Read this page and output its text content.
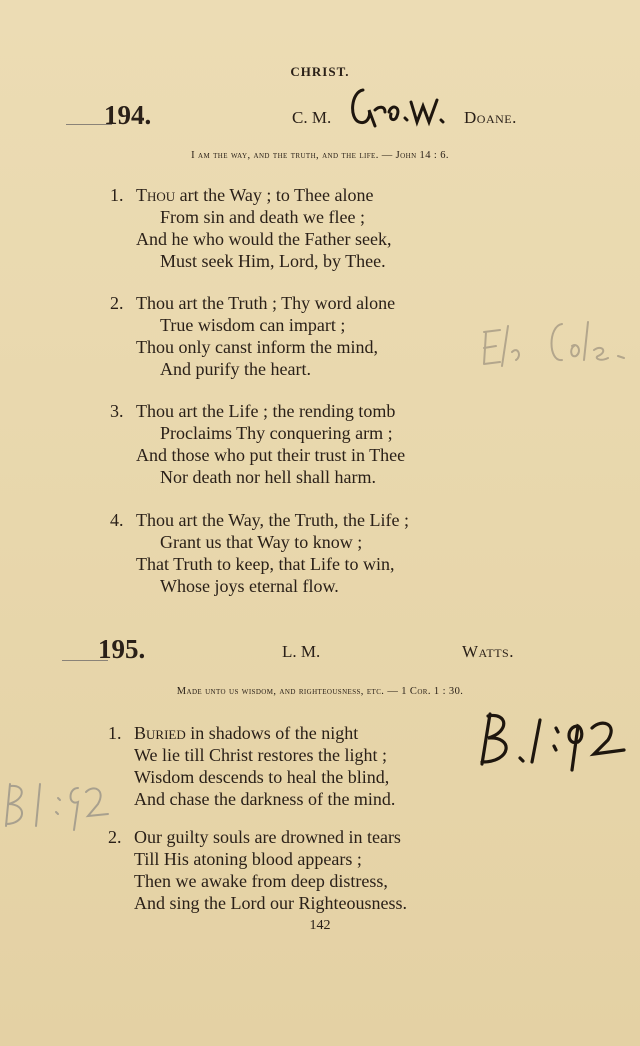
CHRIST.
194.	C. M.	Doane.
I am the way, and the truth, and the life. — John 14 : 6.
1. Thou art the Way ; to Thee alone
From sin and death we flee ;
And he who would the Father seek,
Must seek Him, Lord, by Thee.
2. Thou art the Truth ; Thy word alone
True wisdom can impart ;
Thou only canst inform the mind,
And purify the heart.
3. Thou art the Life ; the rending tomb
Proclaims Thy conquering arm ;
And those who put their trust in Thee
Nor death nor hell shall harm.
4. Thou art the Way, the Truth, the Life ;
Grant us that Way to know ;
That Truth to keep, that Life to win,
Whose joys eternal flow.
195.	L. M.	Watts.
Made unto us wisdom, and righteousness, etc. — 1 Cor. 1 : 30.
1. Buried in shadows of the night
We lie till Christ restores the light ;
Wisdom descends to heal the blind,
And chase the darkness of the mind.
2. Our guilty souls are drowned in tears
Till His atoning blood appears ;
Then we awake from deep distress,
And sing the Lord our Righteousness.
142
